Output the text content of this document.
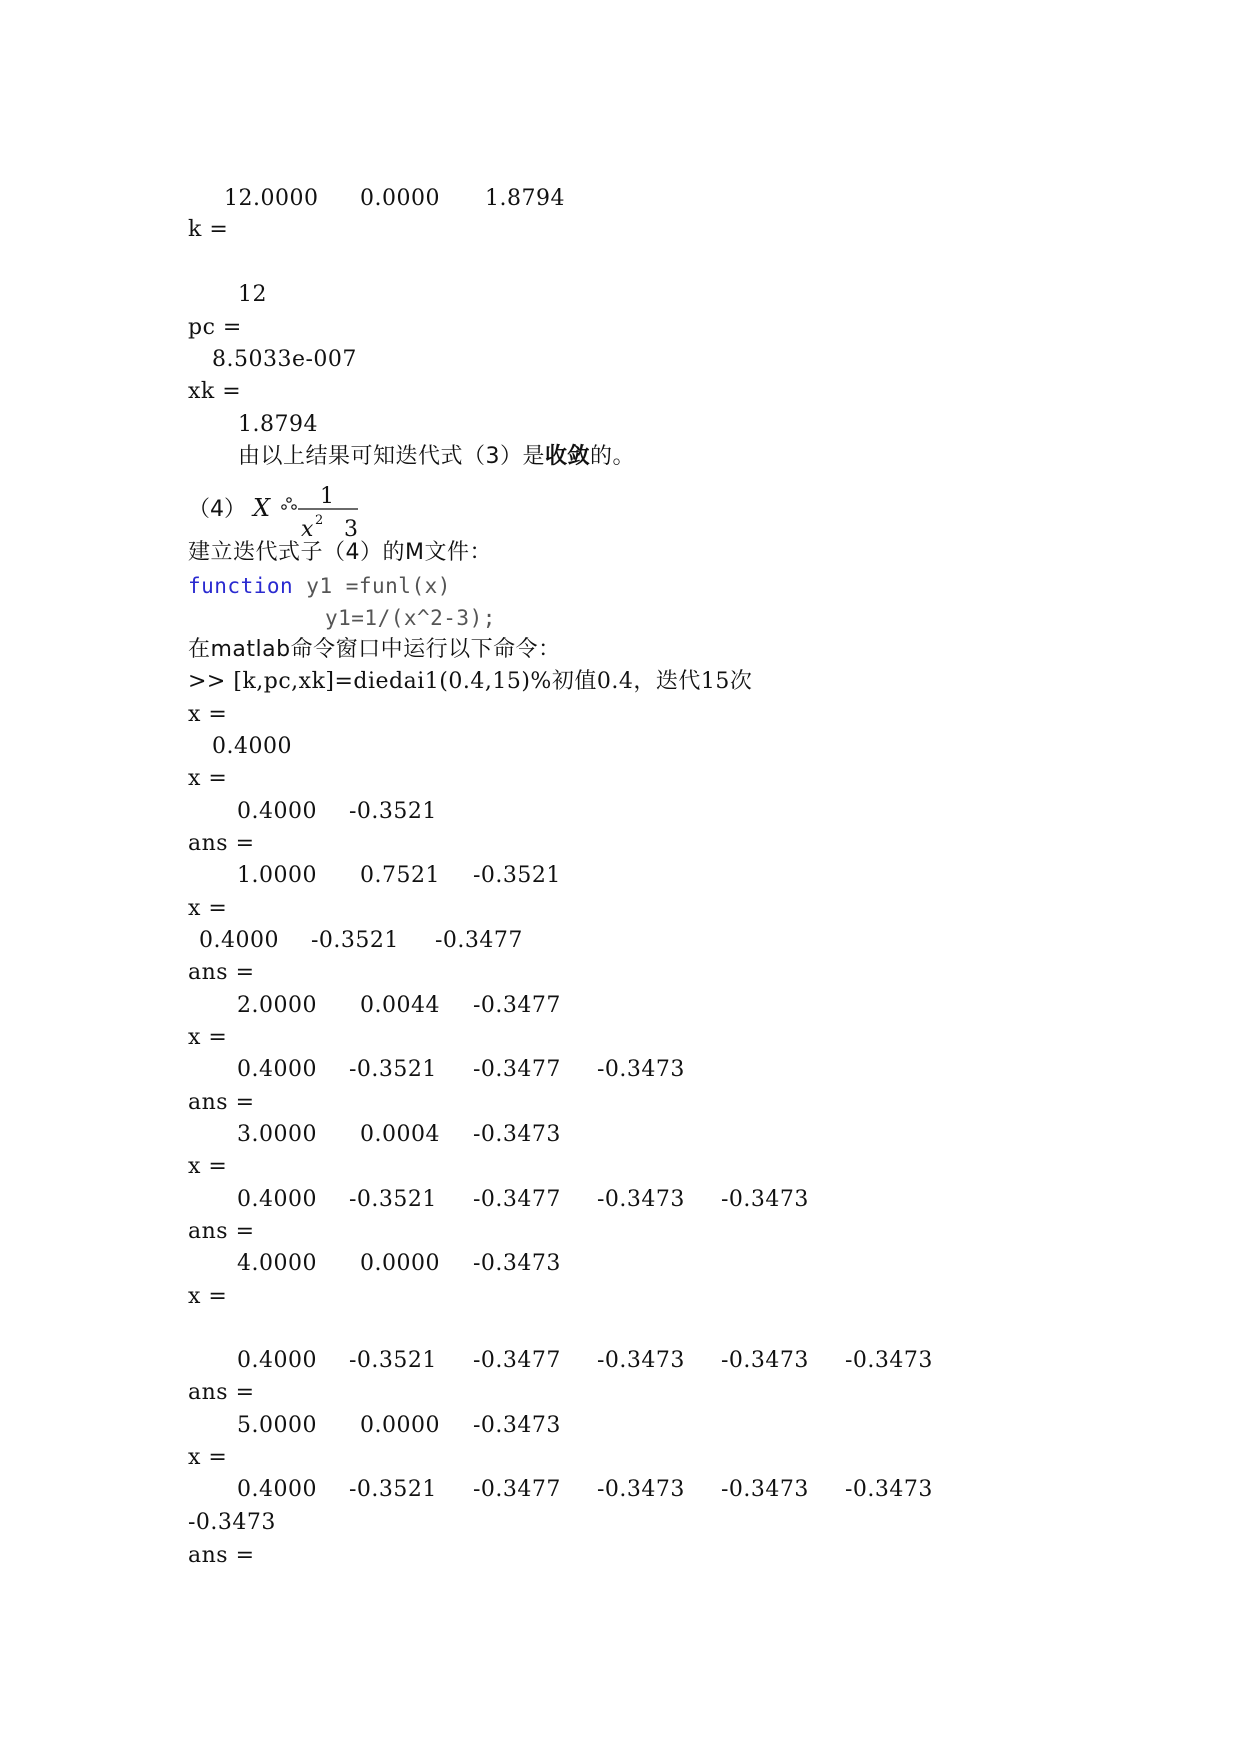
12.0000

0.0000

1.8794

k =
12
pc =
8.5033e-007
xk =
1.8794

由以上结果可知迭代式（3）是收敛的。

（4） X 1
x 2 3
建立迭代式子（4）的M文件：

function y1 =funl(x)

y1=1/(x^2-3);

在matlab命令窗口中运行以下命令：
>> [k,pc,xk]=diedai1(0.4,15)%初值0.4，迭代15次
x =

0.4000

x =

0.4000

-0.3521

ans =

1.0000

0.7521

-0.3521

x =

0.4000

-0.3521

-0.3477

ans =

2.0000

0.0044

-0.3477

x =

0.4000

-0.3521

-0.3477

-0.3473

ans =

3.0000

0.0004

-0.3473

x =

0.4000

-0.3521

-0.3477

-0.3473

-0.3473

ans =

4.0000

0.0000

-0.3473

x =

0.4000

-0.3521

-0.3477

-0.3473

-0.3473

-0.3473

ans =

5.0000

0.0000

-0.3473

x =

0.4000

-0.3521

-0.3477

-0.3473

-0.3473

-0.3473

-0.3473

ans =
